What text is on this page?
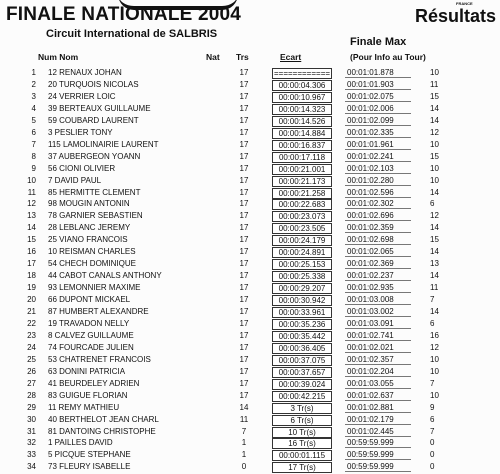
FINALE NATIONALE 2004
FRANCE
Résultats
Circuit International de SALBRIS
Finale Max
Num Nom	Nat Trs	Ecart	(Pour Info au Tour)
1 12 RENAUX JOHAN	17	============ 00:01:01.878	10
2 20 TURQUOIS NICOLAS	17	00:00:04.306	00:01:01.903	11
3 24 VERRIER LOIC	17	00:00:10.967	00:01:02.075	15
4 39 BERTEAUX GUILLAUME	17	00:00:14.323	00:01:02.006	14
5 59 COUBARD LAURENT	17	00:00:14.526	00:01:02.099	14
6 3 PESLIER TONY	17	00:00:14.884	00:01:02.335	12
7 115 LAMOLINAIRIE LAURENT	17	00:00:16.837	00:01:01.961	10
8 37 AUBERGEON YOANN	17	00:00:17.118	00:01:02.241	15
9 56 CIONI OLIVIER	17	00:00:21.001	00:01:02.103	10
10 7 DAVID PAUL	17	00:00:21.173	00:01:02.280	10
11 85 HERMITTE CLEMENT	17	00:00:21.258	00:01:02.596	14
12 98 MOUGIN ANTONIN	17	00:00:22.683	00:01:02.302	6
13 78 GARNIER SEBASTIEN	17	00:00:23.073	00:01:02.696	12
14 28 LEBLANC JEREMY	17	00:00:23.505	00:01:02.359	14
15 25 VIANO FRANCOIS	17	00:00:24.179	00:01:02.698	15
16 10 REISMAN CHARLES	17	00:00:24.891	00:01:02.065	14
17 54 CHECH DOMINIQUE	17	00:00:25.153	00:01:02.369	13
18 44 CABOT CANALS ANTHONY	17	00:00:25.338	00:01:02.237	14
19 93 LEMONNIER MAXIME	17	00:00:29.207	00:01:02.935	11
20 66 DUPONT MICKAEL	17	00:00:30.942	00:01:03.008	7
21 87 HUMBERT ALEXANDRE	17	00:00:33.961	00:01:03.002	14
22 19 TRAVADON NELLY	17	00:00:35.236	00:01:03.091	6
23 8 CALVEZ GUILLAUME	17	00:00:35.442	00:01:02.741	16
24 74 FOURCADE JULIEN	17	00:00:36.405	00:01:02.021	12
25 53 CHATRENET FRANCOIS	17	00:00:37.075	00:01:02.357	10
26 63 DONINI PATRICIA	17	00:00:37.657	00:01:02.204	10
27 41 BEURDELEY ADRIEN	17	00:00:39.024	00:01:03.055	7
28 83 GUIGUE FLORIAN	17	00:00:42.215	00:01:02.637	10
29 11 REMY MATHIEU	14	3 Tr(s)	00:01:02.881	9
30 40 BERTHELOT JEAN CHARL	11	6 Tr(s)	00:01:02.179	6
31 81 DANTOING CHRISTOPHE	7	10 Tr(s)	00:01:02.445	7
32 1 PAILLES DAVID	1	16 Tr(s)	00:59:59.999	0
33 5 PICQUE STEPHANE	1	00:00:01.115	00:59:59.999	0
34 73 FLEURY ISABELLE	0	17 Tr(s)	00:59:59.999	0
